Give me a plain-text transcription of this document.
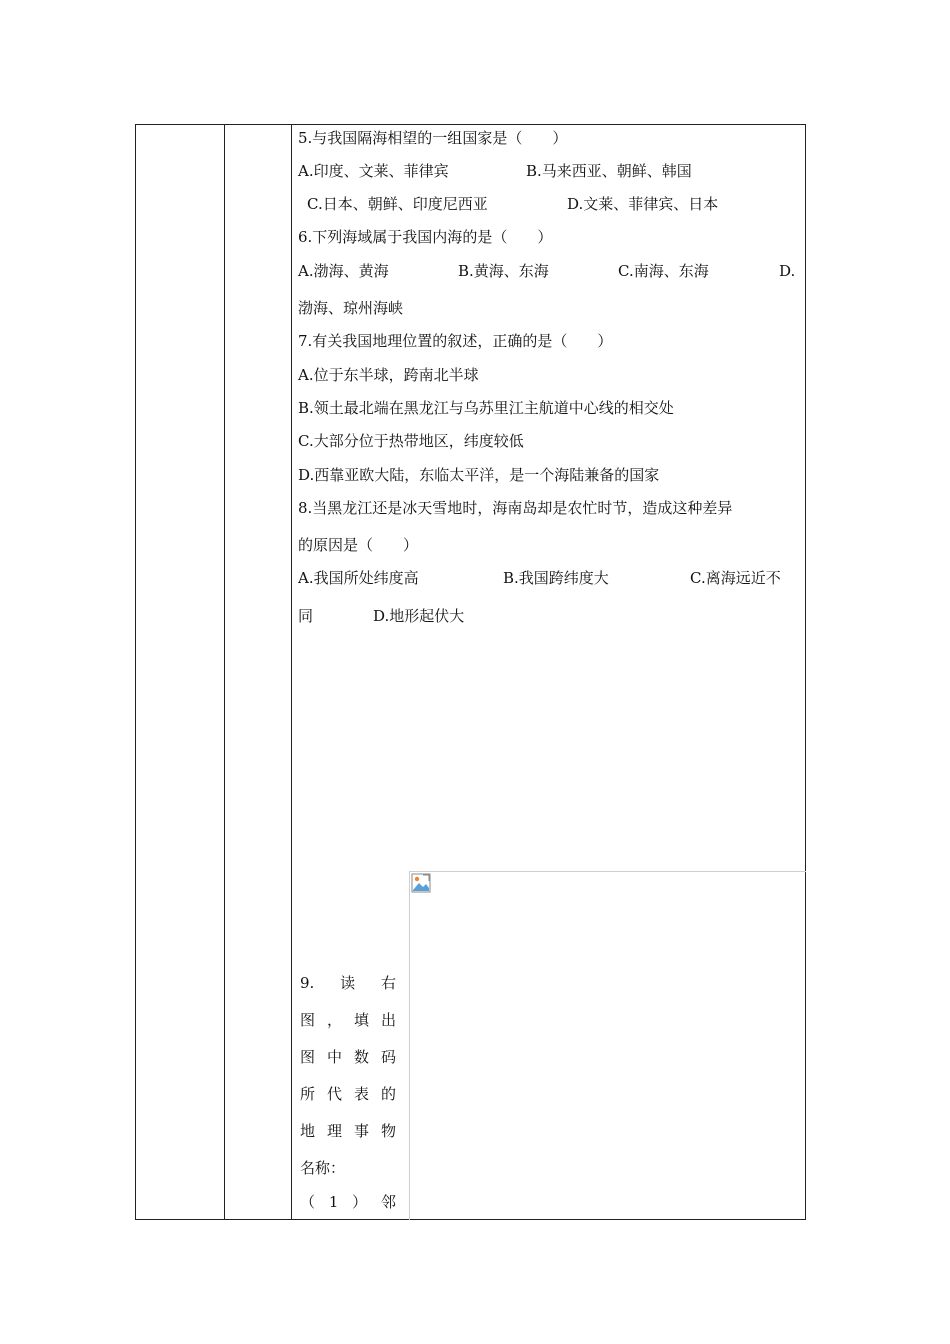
5.与我国隔海相望的一组国家是（　　）
A.印度、文莱、菲律宾	B.马来西亚、朝鲜、韩国
C.日本、朝鲜、印度尼西亚	D.文莱、菲律宾、日本
6.下列海域属于我国内海的是（　　）
A.渤海、黄海	B.黄海、东海	C.南海、东海	D.
渤海、琼州海峡
7.有关我国地理位置的叙述，正确的是（　　）
A.位于东半球，跨南北半球
B.领土最北端在黑龙江与乌苏里江主航道中心线的相交处
C.大部分位于热带地区，纬度较低
D.西靠亚欧大陆，东临太平洋，是一个海陆兼备的国家
8.当黑龙江还是冰天雪地时，海南岛却是农忙时节，造成这种差异
的原因是（　　）
A.我国所处纬度高	B.我国跨纬度大	C.离海远近不
同	D.地形起伏大
9. 读 右
图 ， 填 出
图 中 数 码
所 代 表 的
地 理 事 物
名称：
（ 1 ） 邻
